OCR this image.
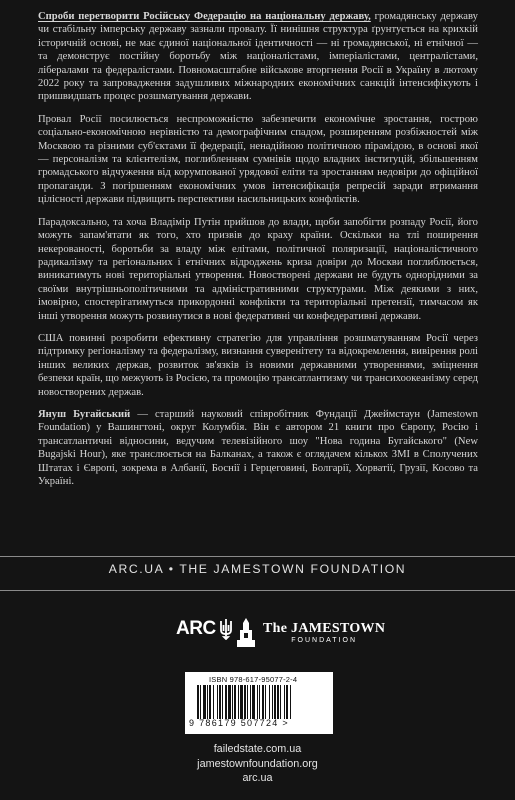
Спроби перетворити Російську Федерацію на національну державу, громадянську державу чи стабільну імперську державу зазнали провалу. Її нинішня структура ґрунтується на крихкій історичній основі, не має єдиної національної ідентичності — ні громадянської, ні етнічної — та демонструє постійну боротьбу між націоналістами, імперіалістами, централістами, лібералами та федералістами. Повномасштабне військове вторгнення Росії в Україну в лютому 2022 року та запровадження задушливих міжнародних економічних санкцій інтенсифікують і пришвидшать процес розшматування держави.

Провал Росії посилюється неспроможністю забезпечити економічне зростання, гострою соціально-економічною нерівністю та демографічним спадом, розширенням розбіжностей між Москвою та різними суб'єктами її федерації, ненадійною політичною пірамідою, в основі якої — персоналізм та клієнтелізм, поглибленням сумнівів щодо владних інституцій, збільшенням громадського відчуження від корумпованої урядової еліти та зростанням недовіри до офіційної пропаганди. З погіршенням економічних умов інтенсифікація репресій заради втримання цілісності держави підвищить перспективи насильницьких конфліктів.

Парадоксально, та хоча Владімір Путін прийшов до влади, щоби запобігти розпаду Росії, його можуть запам'ятати як того, хто призвів до краху країни. Оскільки на тлі поширення некеровaності, боротьби за владу між елітами, політичної поляризації, націоналістичного радикалізму та регіональних і етнічних відроджень криза довіри до Москви поглиблюється, виникатимуть нові територіальні утворення. Новостворені держави не будуть однорідними за своїми внутрішньополітичними та адміністративними структурами. Між деякими з них, імовірно, спостерігатимуться прикордонні конфлікти та територіальні претензії, тимчасом як інші утворення можуть розвинутися в нові федеративні чи конфедеративні держави.

США повинні розробити ефективну стратегію для управління розшматуванням Росії через підтримку регіоналізму та федералізму, визнання суверенітету та відокремлення, вивірення ролі інших великих держав, розвиток зв'язків із новими державними утвореннями, зміцнення безпеки країн, що межують із Росією, та промоцію трансатлантизму чи трансихоокеанізму серед новостворених держав.

Януш Бугайський — старший науковий співробітник Фундації Джеймстаун (Jamestown Foundation) у Вашингтоні, округ Колумбія. Він є автором 21 книги про Європу, Росію і трансатлантичні відносини, ведучим телевізійного шоу "Нова година Бугайського" (New Bugajski Hour), яке транслюється на Балканах, а також є оглядачем кількох ЗМІ в Сполучених Штатах і Європі, зокрема в Албанії, Боснії і Герцеговині, Болгарії, Хорватії, Грузії, Косово та Україні.

ARC.UA • THE JAMESTOWN FOUNDATION
ARC	The JAMESTOWN
FOUNDATION
ISBN 978-617-95077-2-4
9 786179 507724 >
failedstate.com.ua
jamestownfoundation.org
arc.ua
